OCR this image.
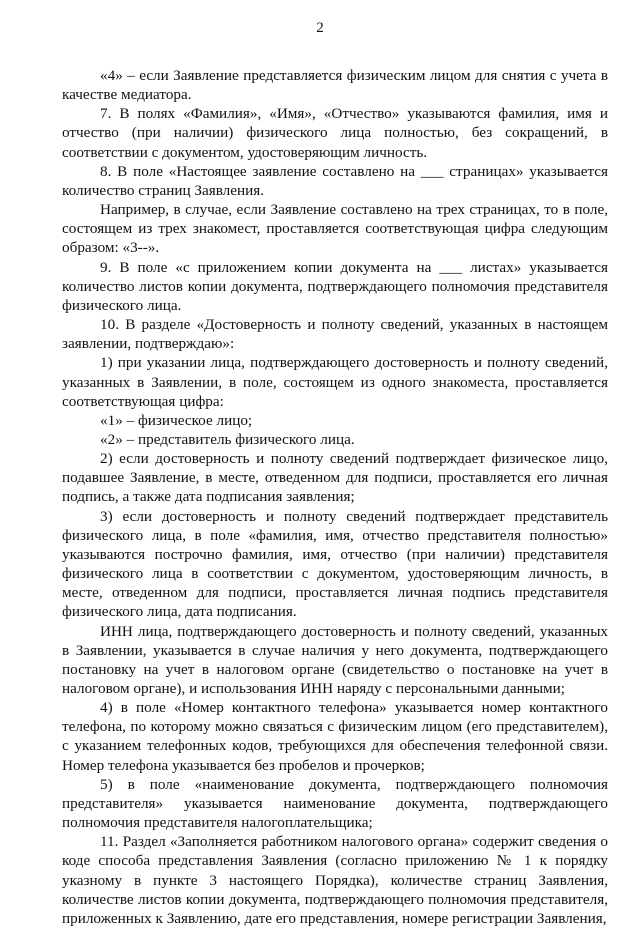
2

«4» – если Заявление представляется физическим лицом для снятия с учета в качестве медиатора.

7. В полях «Фамилия», «Имя», «Отчество» указываются фамилия, имя и отчество (при наличии) физического лица полностью, без сокращений, в соответствии с документом, удостоверяющим личность.

8. В поле «Настоящее заявление составлено на ___ страницах» указывается количество страниц Заявления.

Например, в случае, если Заявление составлено на трех страницах, то в поле, состоящем из трех знакомест, проставляется соответствующая цифра следующим образом: «3--».

9. В поле «с приложением копии документа на ___ листах» указывается количество листов копии документа, подтверждающего полномочия представителя физического лица.

10. В разделе «Достоверность и полноту сведений, указанных в настоящем заявлении, подтверждаю»:

1) при указании лица, подтверждающего достоверность и полноту сведений, указанных в Заявлении, в поле, состоящем из одного знакоместа, проставляется соответствующая цифра:

«1» – физическое лицо;

«2» – представитель физического лица.

2) если достоверность и полноту сведений подтверждает физическое лицо, подавшее Заявление, в месте, отведенном для подписи, проставляется его личная подпись, а также дата подписания заявления;

3) если достоверность и полноту сведений подтверждает представитель физического лица, в поле «фамилия, имя, отчество представителя полностью» указываются построчно фамилия, имя, отчество (при наличии) представителя физического лица в соответствии с документом, удостоверяющим личность, в месте, отведенном для подписи, проставляется личная подпись представителя физического лица, дата подписания.

ИНН лица, подтверждающего достоверность и полноту сведений, указанных в Заявлении, указывается в случае наличия у него документа, подтверждающего постановку на учет в налоговом органе (свидетельство о постановке на учет в налоговом органе), и использования ИНН наряду с персональными данными;

4) в поле «Номер контактного телефона» указывается номер контактного телефона, по которому можно связаться с физическим лицом (его представителем), с указанием телефонных кодов, требующихся для обеспечения телефонной связи. Номер телефона указывается без пробелов и прочерков;

5) в поле «наименование документа, подтверждающего полномочия представителя» указывается наименование документа, подтверждающего полномочия представителя налогоплательщика;

11. Раздел «Заполняется работником налогового органа» содержит сведения о коде способа представления Заявления (согласно приложению № 1 к порядку указному в пункте 3 настоящего Порядка), количестве страниц Заявления, количестве листов копии документа, подтверждающего полномочия представителя, приложенных к Заявлению, дате его представления, номере регистрации Заявления,
